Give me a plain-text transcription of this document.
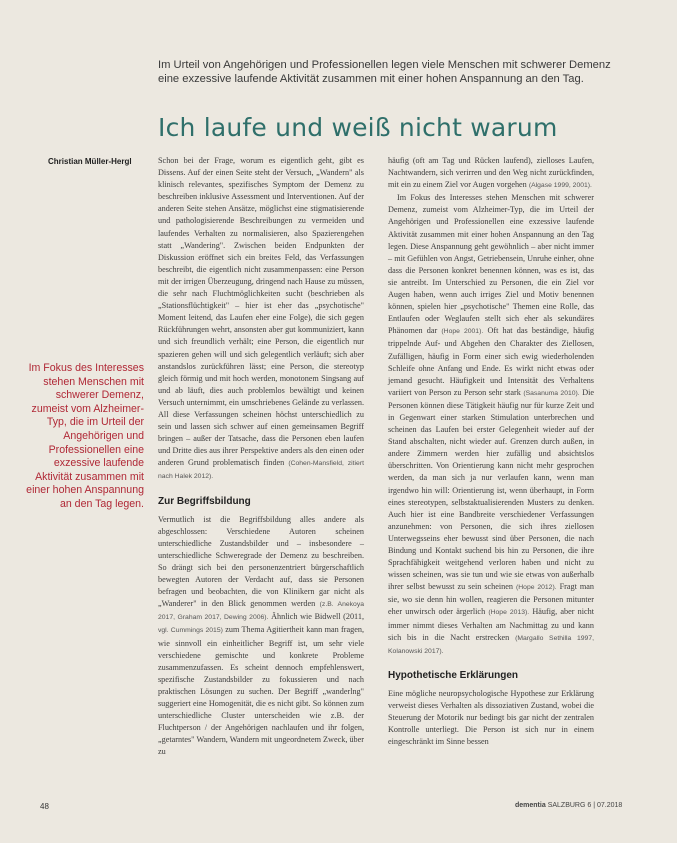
Im Urteil von Angehörigen und Professionellen legen viele Menschen mit schwerer Demenz eine exzessive laufende Aktivität zusammen mit einer hohen Anspannung an den Tag.
Ich laufe und weiß nicht warum
Christian Müller-Hergl
Im Fokus des Interesses stehen Menschen mit schwerer Demenz, zumeist vom Alzheimer-Typ, die im Urteil der Angehörigen und Professionellen eine exzessive laufende Aktivität zusammen mit einer hohen Anspannung an den Tag legen.

Schon bei der Frage, worum es eigentlich geht, gibt es Dissens. Auf der einen Seite steht der Versuch, „Wandern" als klinisch relevantes, spezifisches Symptom der Demenz zu beschreiben inklusive Assessment und Interventionen. Auf der anderen Seite stehen Ansätze, möglichst eine stigmatisierende und pathologisierende Beschreibungen zu vermeiden und laufendes Verhalten zu normalisieren, also Spazierengehen statt „Wandering". Zwischen beiden Endpunkten der Diskussion eröffnet sich ein breites Feld, das Verfassungen beschreibt, die eigentlich nicht zusammenpassen: eine Person mit der irrigen Überzeugung, dringend nach Hause zu müssen, die sehr nach Fluchtmöglichkeiten sucht (beschrieben als „Stationsflüchtigkeit" – hier ist eher das „psychotische" Moment leitend, das Laufen eher eine Folge), die sich gegen Rückführungen wehrt, ansonsten aber gut kommuniziert, kann und sich freundlich verhält; eine Person, die eigentlich nur spazieren gehen will und sich gelegentlich verläuft; sich aber anstandslos zurückführen lässt; eine Person, die stereotyp gleich förmig und mit hoch werden, monotonem Singsang auf und ab läuft, dies auch problemlos bewältigt und keinen Versuch unternimmt, ein umschriebenes Gelände zu verlassen. All diese Verfassungen scheinen höchst unterschiedlich zu sein und lassen sich schwer auf einen gemeinsamen Begriff bringen – außer der Tatsache, dass die Personen eben laufen und Dritte dies aus ihrer Perspektive anders als den einen oder anderen Grund problematisch finden (Cohen-Mansfield, zitiert nach Halek 2012).

Zur Begriffsbildung

Vermutlich ist die Begriffsbildung alles andere als abgeschlossen: Verschiedene Autoren scheinen unterschiedliche Zustandsbilder und – insbesondere – unterschiedliche Schweregrade der Demenz zu beschreiben. So drängt sich bei den personenzentriert bürgerschaftlich bewegten Autoren der Verdacht auf, dass sie Personen befragen und beobachten, die von Klinikern gar nicht als „Wanderer" in den Blick genommen werden (z.B. Anekoya 2017, Graham 2017, Dewing 2006). Ähnlich wie Bidwell (2011, vgl. Cummings 2015) zum Thema Agitiertheit kann man fragen, wie sinnvoll ein einheitlicher Begriff ist, um sehr viele verschiedene gemischte und konkrete Probleme zusammenzufassen. Es scheint dennoch empfehlenswert, spezifische Zustandsbilder zu fokussieren und nach praktischen Lösungen zu suchen. Der Begriff „wanderlng" suggeriert eine Homogenität, die es nicht gibt. So können zum unterschiedliche Cluster unterscheiden wie z.B. der Fluchtperson / der Angehörigen nachlaufen und ihr folgen, „getarntes" Wandern, Wandern mit ungeordnetem Zweck, über zu

häufig (oft am Tag und Rücken laufend), zielloses Laufen, Nachtwandern, sich verirren und den Weg nicht zurückfinden, mit ein zu einem Ziel vor Augen vorgehen (Algase 1999, 2001).

Im Fokus des Interesses stehen Menschen mit schwerer Demenz, zumeist vom Alzheimer-Typ, die im Urteil der Angehörigen und Professionellen eine exzessive laufende Aktivität zusammen mit einer hohen Anspannung an den Tag legen. Diese Anspannung geht gewöhnlich – aber nicht immer – mit Gefühlen von Angst, Getriebensein, Unruhe einher, ohne dass die Personen konkret benennen können, was es ist, das sie antreibt. Im Unterschied zu Personen, die ein Ziel vor Augen haben, wenn auch irriges Ziel und Motiv benennen können, spielen hier „psychotische" Themen eine Rolle, das Entlaufen oder Weglaufen stellt sich eher als sekundäres Phänomen dar (Hope 2001). Oft hat das beständige, häufig trippelnde Auf- und Abgehen den Charakter des Ziellosen, Zufälligen, häufig in Form einer sich ewig wiederholenden Schleife ohne Anfang und Ende. Es wirkt nicht etwas oder jemand gesucht. Häufigkeit und Intensität des Verhaltens variiert von Person zu Person sehr stark (Sasanuma 2010). Die Personen können diese Tätigkeit häufig nur für kurze Zeit und in Gegenwart einer starken Stimulation unterbrechen und scheinen das Laufen bei erster Gelegenheit wieder auf der Stand abschalten, nicht wieder auf. Grenzen durch außen, in andere Zimmern werden hier zufällig und absichtslos überschritten. Von Orientierung kann nicht mehr gesprochen werden, da man sich ja nur verlaufen kann, wenn man irgendwo hin will: Orientierung ist, wenn überhaupt, in Form eines stereotypen, selbstaktualisierenden Musters zu denken. Auch hier ist eine Bandbreite verschiedener Verfassungen anzunehmen: von Personen, die sich ihres ziellosen Unterwegsseins eher bewusst sind über Personen, die nach Bindung und Kontakt suchend bis hin zu Personen, die ihre Sprachfähigkeit weitgehend verloren haben und nicht zu wissen scheinen, was sie tun und wie sie etwas von außerhalb ihrer selbst bewusst zu sein scheinen (Hope 2012). Fragt man sie, wo sie denn hin wollen, reagieren die Personen mitunter eher unwirsch oder ärgerlich (Hope 2013). Häufig, aber nicht immer nimmt dieses Verhalten am Nachmittag zu und kann sich bis in die Nacht erstrecken (Margallo Sethilla 1997, Kolanowski 2017).

Hypothetische Erklärungen

Eine mögliche neuropsychologische Hypothese zur Erklärung verweist dieses Verhalten als dissoziativen Zustand, wobei die Steuerung der Motorik nur bedingt bis gar nicht der zentralen Kontrolle unterliegt. Die Person ist sich nur in einem eingeschränkt im Sinne bessen

48	dementia SALZBURG 6 | 07.2018
